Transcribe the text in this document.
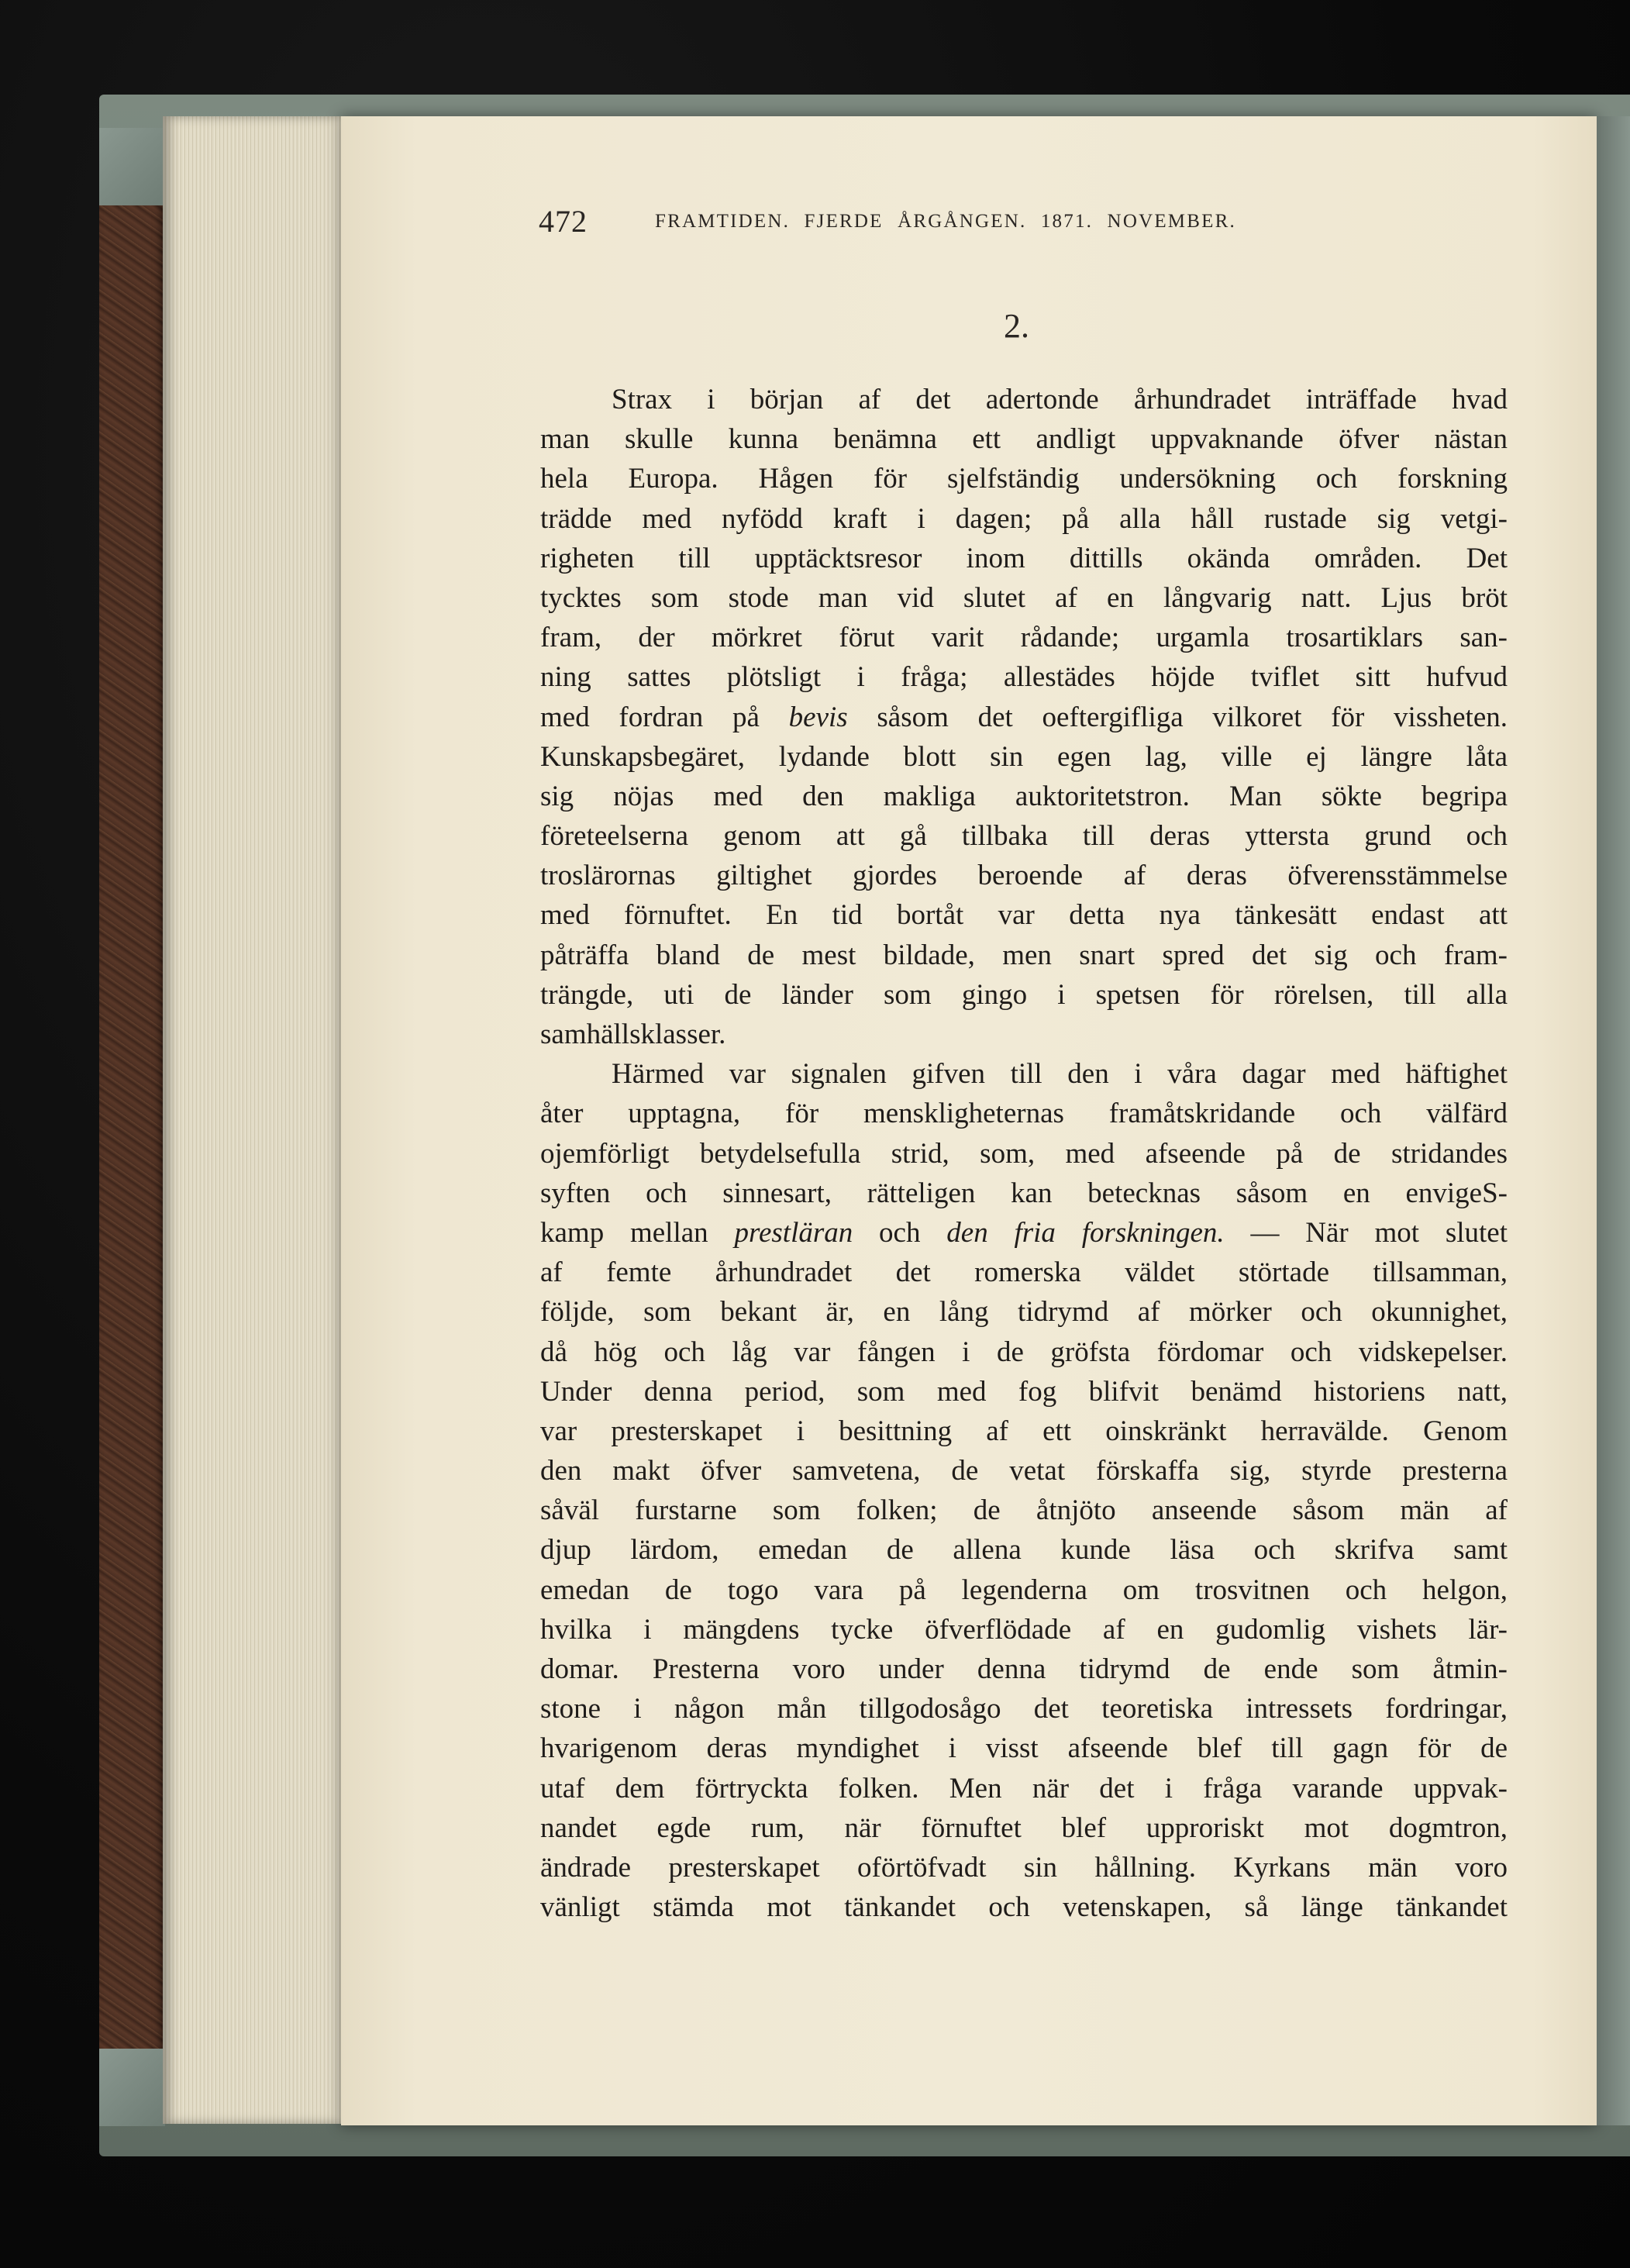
472	FRAMTIDEN. FJERDE ÅRGÅNGEN. 1871. NOVEMBER.
2.
Strax i början af det adertonde århundradet inträffade hvad
man skulle kunna benämna ett andligt uppvaknande öfver nästan
hela Europa. Hågen för sjelfständig undersökning och forskning
trädde med nyfödd kraft i dagen; på alla håll rustade sig vetgi-
righeten till upptäcktsresor inom dittills okända områden. Det
tycktes som stode man vid slutet af en långvarig natt. Ljus bröt
fram, der mörkret förut varit rådande; urgamla trosartiklars san-
ning sattes plötsligt i fråga; allestädes höjde tviflet sitt hufvud
med fordran på bevis såsom det oeftergifliga vilkoret för vissheten.
Kunskapsbegäret, lydande blott sin egen lag, ville ej längre låta
sig nöjas med den makliga auktoritetstron. Man sökte begripa
företeelserna genom att gå tillbaka till deras yttersta grund och
troslärornas giltighet gjordes beroende af deras öfverensstämmelse
med förnuftet. En tid bortåt var detta nya tänkesätt endast att
påträffa bland de mest bildade, men snart spred det sig och fram-
trängde, uti de länder som gingo i spetsen för rörelsen, till alla
samhällsklasser.
Härmed var signalen gifven till den i våra dagar med häftighet
åter upptagna, för menskligheternas framåtskridande och välfärd
ojemförligt betydelsefulla strid, som, med afseende på de stridandes
syften och sinnesart, rätteligen kan betecknas såsom en envigeS-
kamp mellan prestläran och den fria forskningen. — När mot slutet
af femte århundradet det romerska väldet störtade tillsamman,
följde, som bekant är, en lång tidrymd af mörker och okunnighet,
då hög och låg var fången i de gröfsta fördomar och vidskepelser.
Under denna period, som med fog blifvit benämd historiens natt,
var presterskapet i besittning af ett oinskränkt herravälde. Genom
den makt öfver samvetena, de vetat förskaffa sig, styrde presterna
såväl furstarne som folken; de åtnjöto anseende såsom män af
djup lärdom, emedan de allena kunde läsa och skrifva samt
emedan de togo vara på legenderna om trosvitnen och helgon,
hvilka i mängdens tycke öfverflödade af en gudomlig vishets lär-
domar. Presterna voro under denna tidrymd de ende som åtmin-
stone i någon mån tillgodosågo det teoretiska intressets fordringar,
hvarigenom deras myndighet i visst afseende blef till gagn för de
utaf dem förtryckta folken. Men när det i fråga varande uppvak-
nandet egde rum, när förnuftet blef upproriskt mot dogmtron,
ändrade presterskapet oförtöfvadt sin hållning. Kyrkans män voro
vänligt stämda mot tänkandet och vetenskapen, så länge tänkandet
